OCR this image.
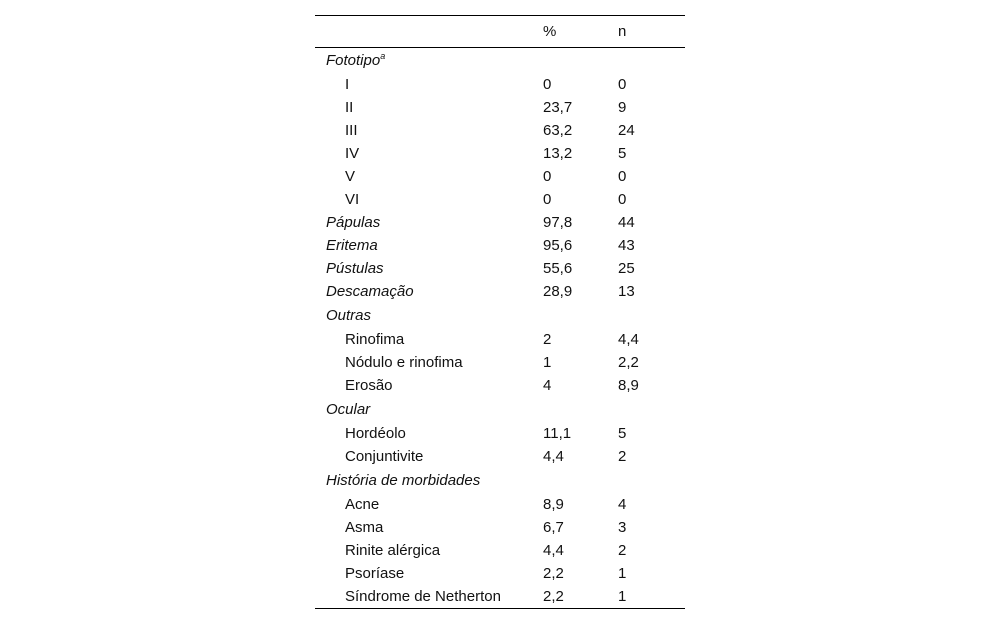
	%	n
Fototipo$^a$		
I	0	0
II	23,7	9
III	63,2	24
IV	13,2	5
V	0	0
VI	0	0
Pápulas	97,8	44
Eritema	95,6	43
Pústulas	55,6	25
Descamação	28,9	13
Outras		
Rinofima	2	4,4
Nódulo e rinofima	1	2,2
Erosão	4	8,9
Ocular		
Hordéolo	11,1	5
Conjuntivite	4,4	2
História de morbidades		
Acne	8,9	4
Asma	6,7	3
Rinite alérgica	4,4	2
Psoríase	2,2	1
Síndrome de Netherton	2,2	1
